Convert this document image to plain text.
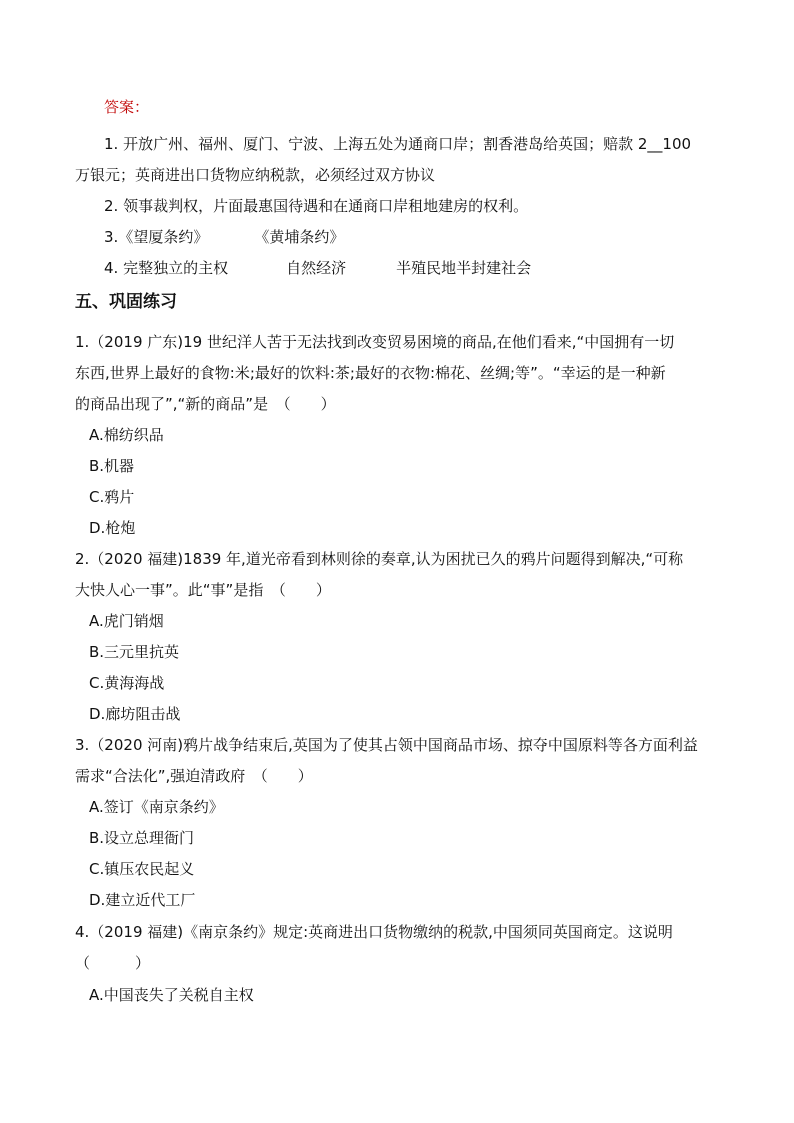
答案：
1. 开放广州、福州、厦门、宁波、上海五处为通商口岸；割香港岛给英国；赔款 2__100
万银元；英商进出口货物应纳税款，必须经过双方协议
2. 领事裁判权，片面最惠国待遇和在通商口岸租地建房的权利。
3.《望厦条约》	《黄埔条约》
4. 完整独立的主权	自然经济	半殖民地半封建社会
五、巩固练习
1.（2019 广东)19 世纪洋人苦于无法找到改变贸易困境的商品,在他们看来,“中国拥有一切
东西,世界上最好的食物:米;最好的饮料:茶;最好的衣物:棉花、丝绸;等”。“幸运的是一种新
的商品出现了”,“新的商品”是　（　　）
A.棉纺织品
B.机器
C.鸦片
D.枪炮
2.（2020 福建)1839 年,道光帝看到林则徐的奏章,认为困扰已久的鸦片问题得到解决,“可称
大快人心一事”。此“事”是指　（　　）
A.虎门销烟
B.三元里抗英
C.黄海海战
D.廊坊阻击战
3.（2020 河南)鸦片战争结束后,英国为了使其占领中国商品市场、掠夺中国原料等各方面利益
需求“合法化”,强迫清政府　（　　）
A.签订《南京条约》
B.设立总理衙门
C.镇压农民起义
D.建立近代工厂
4.（2019 福建)《南京条约》规定:英商进出口货物缴纳的税款,中国须同英国商定。这说明
（　　　）
A.中国丧失了关税自主权
